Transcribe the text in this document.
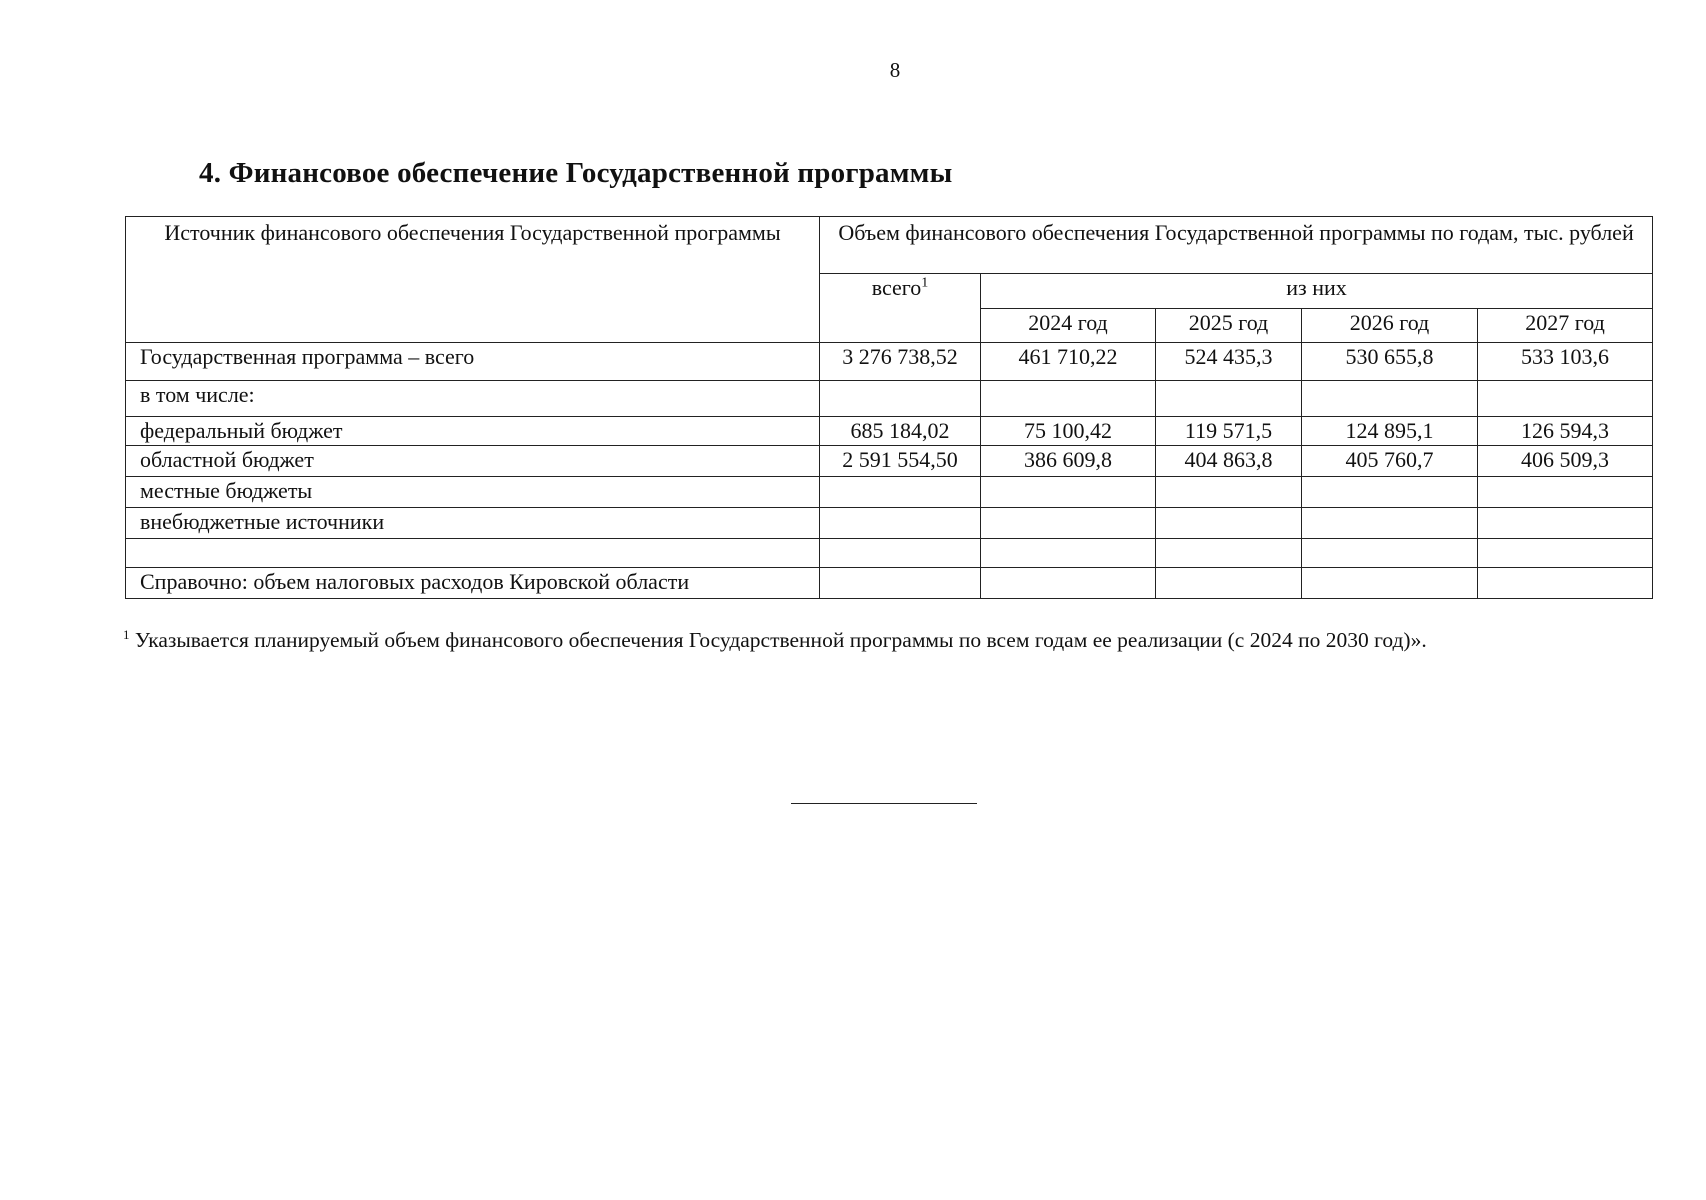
8
4. Финансовое обеспечение Государственной программы
Источник финансового обеспечения Государственной программы	Объем финансового обеспечения Государственной программы по годам, тыс. рублей				
	всего$^1$	из них			
		2024 год	2025 год	2026 год	2027 год
Государственная программа – всего	3 276 738,52	461 710,22	524 435,3	530 655,8	533 103,6
в том числе:					
федеральный бюджет	685 184,02	75 100,42	119 571,5	124 895,1	126 594,3
областной бюджет	2 591 554,50	386 609,8	404 863,8	405 760,7	406 509,3
местные бюджеты					
внебюджетные источники					

Справочно: объем налоговых расходов Кировской области					
$^1$ Указывается планируемый объем финансового обеспечения Государственной программы по всем годам ее реализации (с 2024 по 2030 год)».
